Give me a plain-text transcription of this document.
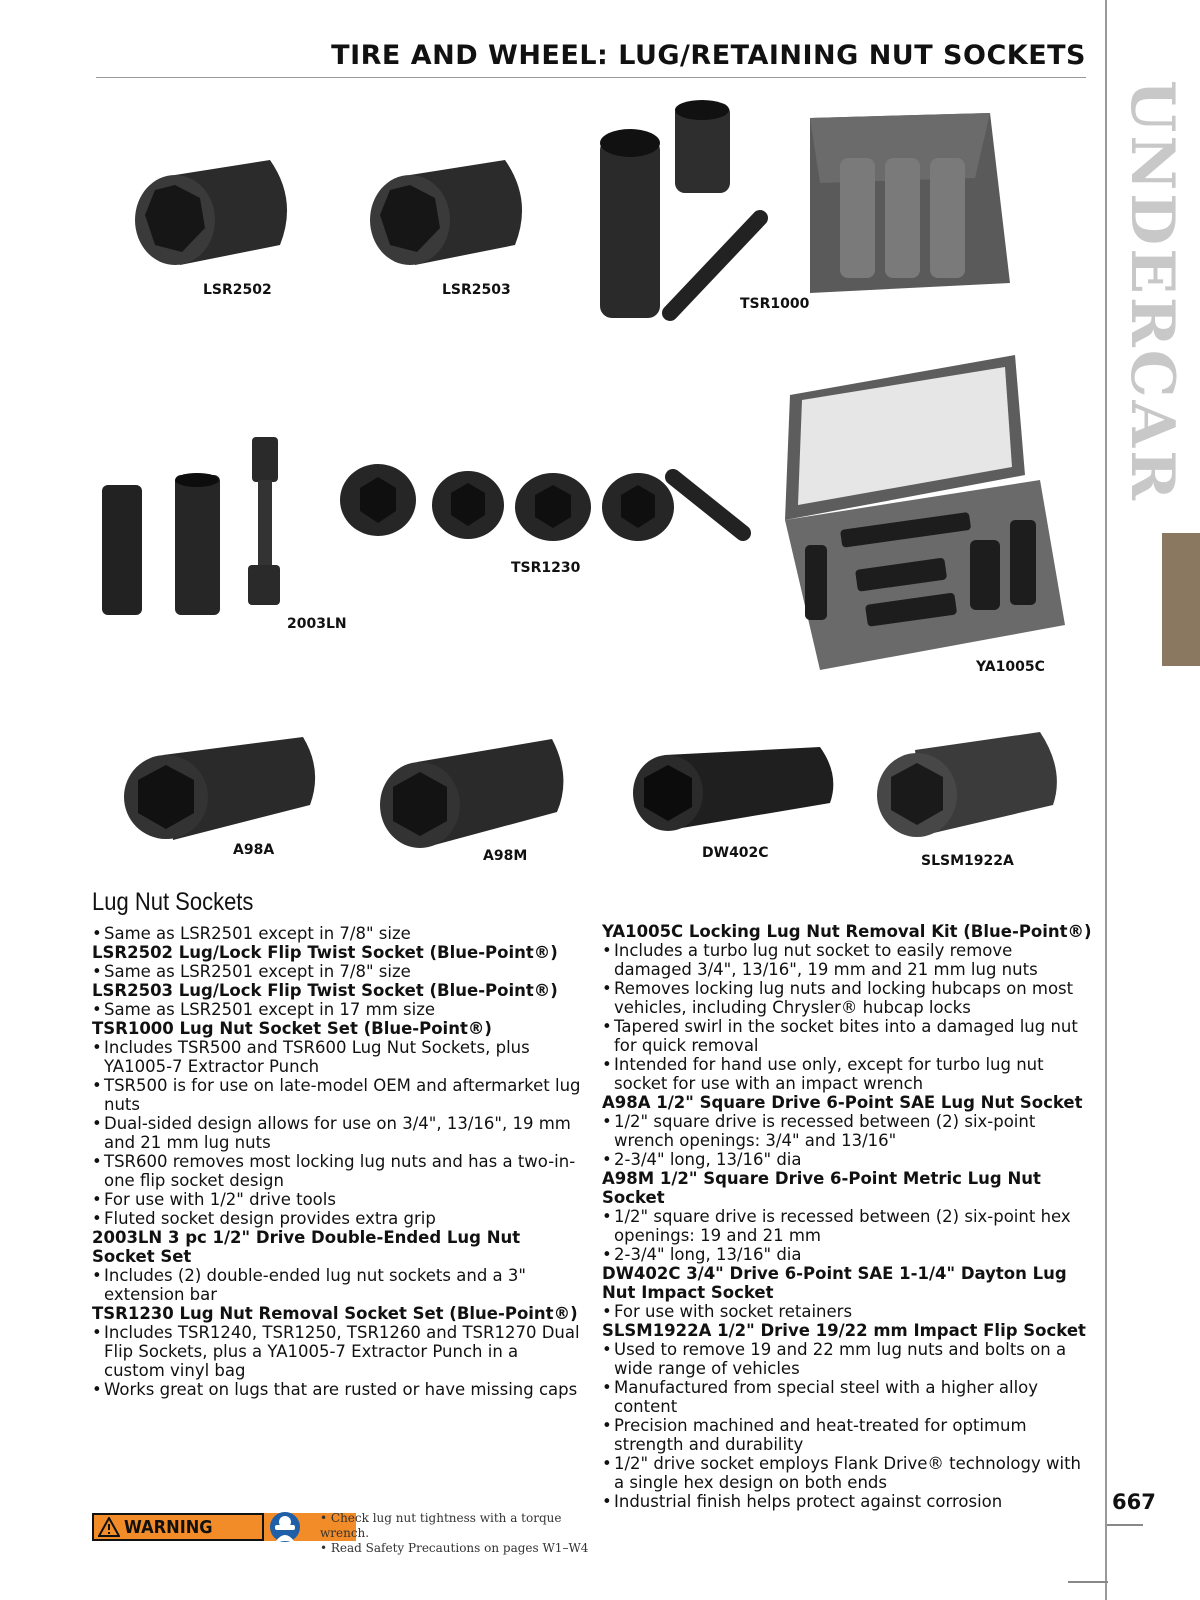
TIRE AND WHEEL: LUG/RETAINING NUT SOCKETS
UNDERCAR
667
LSR2502	LSR2503
TSR1000
2003LN
TSR1230
YA1005C
A98A	A98M	DW402C	SLSM1922A
Lug Nut Sockets
• Same as LSR2501 except in 7/8" size
LSR2502 Lug/Lock Flip Twist Socket (Blue-Point®)
• Same as LSR2501 except in 7/8" size
LSR2503 Lug/Lock Flip Twist Socket (Blue-Point®)
• Same as LSR2501 except in 17 mm size
TSR1000 Lug Nut Socket Set (Blue-Point®)
• Includes TSR500 and TSR600 Lug Nut Sockets, plus YA1005-7 Extractor Punch
• TSR500 is for use on late-model OEM and aftermarket lug nuts
• Dual-sided design allows for use on 3/4", 13/16", 19 mm and 21 mm lug nuts
• TSR600 removes most locking lug nuts and has a two-in-one flip socket design
• For use with 1/2" drive tools
• Fluted socket design provides extra grip
2003LN 3 pc 1/2" Drive Double-Ended Lug Nut Socket Set
• Includes (2) double-ended lug nut sockets and a 3" extension bar
TSR1230 Lug Nut Removal Socket Set (Blue-Point®)
• Includes TSR1240, TSR1250, TSR1260 and TSR1270 Dual Flip Sockets, plus a YA1005-7 Extractor Punch in a custom vinyl bag
• Works great on lugs that are rusted or have missing caps
YA1005C Locking Lug Nut Removal Kit (Blue-Point®)
• Includes a turbo lug nut socket to easily remove damaged 3/4", 13/16", 19 mm and 21 mm lug nuts
• Removes locking lug nuts and locking hubcaps on most vehicles, including Chrysler® hubcap locks
• Tapered swirl in the socket bites into a damaged lug nut for quick removal
• Intended for hand use only, except for turbo lug nut socket for use with an impact wrench
A98A 1/2" Square Drive 6-Point SAE Lug Nut Socket
• 1/2" square drive is recessed between (2) six-point wrench openings: 3/4" and 13/16"
• 2-3/4" long, 13/16" dia
A98M 1/2" Square Drive 6-Point Metric Lug Nut Socket
• 1/2" square drive is recessed between (2) six-point hex openings: 19 and 21 mm
• 2-3/4" long, 13/16" dia
DW402C 3/4" Drive 6-Point SAE 1-1/4" Dayton Lug Nut Impact Socket
• For use with socket retainers
SLSM1922A 1/2" Drive 19/22 mm Impact Flip Socket
• Used to remove 19 and 22 mm lug nuts and bolts on a wide range of vehicles
• Manufactured from special steel with a higher alloy content
• Precision machined and heat-treated for optimum strength and durability
• 1/2" drive socket employs Flank Drive® technology with a single hex design on both ends
• Industrial finish helps protect against corrosion
WARNING	• Check lug nut tightness with a torque wrench.
• Read Safety Precautions on pages W1–W4
